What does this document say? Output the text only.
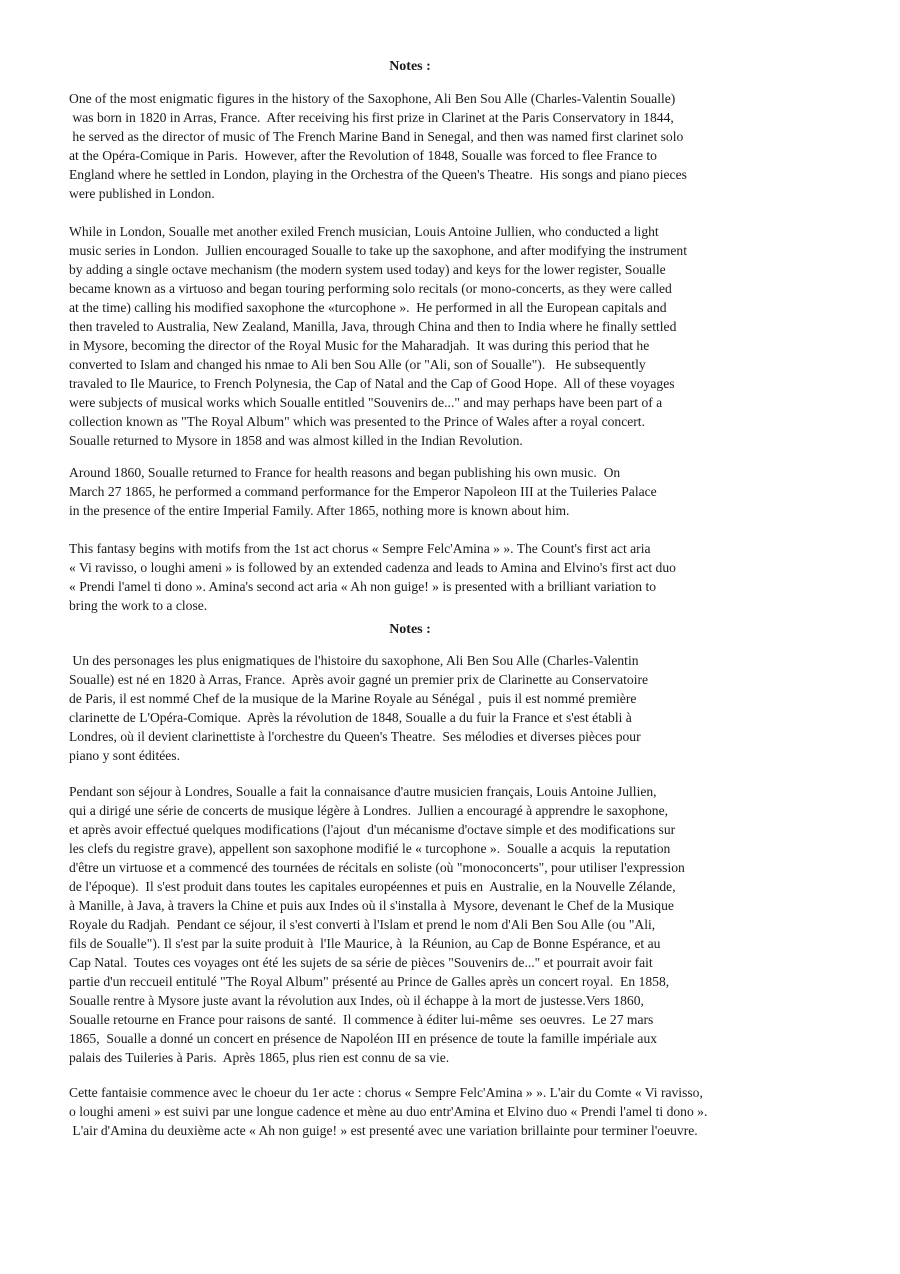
Notes :
One of the most enigmatic figures in the history of the Saxophone, Ali Ben Sou Alle (Charles-Valentin Soualle)
was born in 1820 in Arras, France.  After receiving his first prize in Clarinet at the Paris Conservatory in 1844,
he served as the director of music of The French Marine Band in Senegal, and then was named first clarinet solo
at the Opéra-Comique in Paris.  However, after the Revolution of 1848, Soualle was forced to flee France to
England where he settled in London, playing in the Orchestra of the Queen's Theatre.  His songs and piano pieces
were published in London.
While in London, Soualle met another exiled French musician, Louis Antoine Jullien, who conducted a light
music series in London.  Jullien encouraged Soualle to take up the saxophone, and after modifying the instrument
by adding a single octave mechanism (the modern system used today) and keys for the lower register, Soualle
became known as a virtuoso and began touring performing solo recitals (or mono-concerts, as they were called
at the time) calling his modified saxophone the «turcophone ».  He performed in all the European capitals and
then traveled to Australia, New Zealand, Manilla, Java, through China and then to India where he finally settled
in Mysore, becoming the director of the Royal Music for the Maharadjah.  It was during this period that he
converted to Islam and changed his nmae to Ali ben Sou Alle (or "Ali, son of Soualle").   He subsequently
travaled to Ile Maurice, to French Polynesia, the Cap of Natal and the Cap of Good Hope.  All of these voyages
were subjects of musical works which Soualle entitled "Souvenirs de..." and may perhaps have been part of a
collection known as "The Royal Album" which was presented to the Prince of Wales after a royal concert.
Soualle returned to Mysore in 1858 and was almost killed in the Indian Revolution.
Around 1860, Soualle returned to France for health reasons and began publishing his own music.  On
March 27 1865, he performed a command performance for the Emperor Napoleon III at the Tuileries Palace
in the presence of the entire Imperial Family. After 1865, nothing more is known about him.
This fantasy begins with motifs from the 1st act chorus « Sempre Felc'Amina » ». The Count's first act aria
« Vi ravisso, o loughi ameni » is followed by an extended cadenza and leads to Amina and Elvino's first act duo
« Prendi l'amel ti dono ». Amina's second act aria « Ah non guige! » is presented with a brilliant variation to
bring the work to a close.
Notes :
Un des personages les plus enigmatiques de l'histoire du saxophone, Ali Ben Sou Alle (Charles-Valentin
Soualle) est né en 1820 à Arras, France.  Après avoir gagné un premier prix de Clarinette au Conservatoire
de Paris, il est nommé Chef de la musique de la Marine Royale au Sénégal ,  puis il est nommé première
clarinette de L'Opéra-Comique.  Après la révolution de 1848, Soualle a du fuir la France et s'est établi à
Londres, où il devient clarinettiste à l'orchestre du Queen's Theatre.  Ses mélodies et diverses pièces pour
piano y sont éditées.
Pendant son séjour à Londres, Soualle a fait la connaisance d'autre musicien français, Louis Antoine Jullien,
qui a dirigé une série de concerts de musique légère à Londres.  Jullien a encouragé à apprendre le saxophone,
et après avoir effectué quelques modifications (l'ajout  d'un mécanisme d'octave simple et des modifications sur
les clefs du registre grave), appellent son saxophone modifié le « turcophone ».  Soualle a acquis  la reputation
d'être un virtuose et a commencé des tournées de récitals en soliste (où "monoconcerts", pour utiliser l'expression
de l'époque).  Il s'est produit dans toutes les capitales européennes et puis en  Australie, en la Nouvelle Zélande,
à Manille, à Java, à travers la Chine et puis aux Indes où il s'installa à  Mysore, devenant le Chef de la Musique
Royale du Radjah.  Pendant ce séjour, il s'est converti à l'Islam et prend le nom d'Ali Ben Sou Alle (ou "Ali,
fils de Soualle"). Il s'est par la suite produit à  l'Ile Maurice, à  la Réunion, au Cap de Bonne Espérance, et au
Cap Natal.  Toutes ces voyages ont été les sujets de sa série de pièces "Souvenirs de..." et pourrait avoir fait
partie d'un reccueil entitulé "The Royal Album" présenté au Prince de Galles après un concert royal.  En 1858,
Soualle rentre à Mysore juste avant la révolution aux Indes, où il échappe à la mort de justesse.Vers 1860,
Soualle retourne en France pour raisons de santé.  Il commence à éditer lui-même  ses oeuvres.  Le 27 mars
1865,  Soualle a donné un concert en présence de Napoléon III en présence de toute la famille impériale aux
palais des Tuileries à Paris.  Après 1865, plus rien est connu de sa vie.
Cette fantaisie commence avec le choeur du 1er acte : chorus « Sempre Felc'Amina » ». L'air du Comte « Vi ravisso,
o loughi ameni » est suivi par une longue cadence et mène au duo entr'Amina et Elvino duo « Prendi l'amel ti dono ».
L'air d'Amina du deuxième acte « Ah non guige! » est presenté avec une variation brillainte pour terminer l'oeuvre.
